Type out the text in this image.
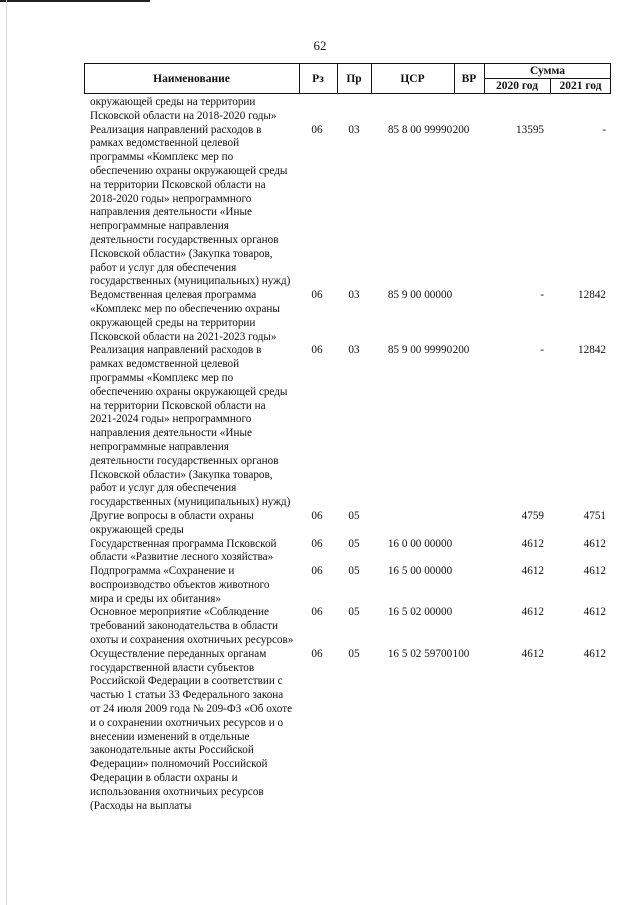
62
Наименование	Рз	Пр	ЦСР	ВР
Сумма
2020 год	2021 год
окружающей среды на территории Псковской области на 2018-2020 годы»
Реализация направлений расходов в рамках ведомственной целевой программы «Комплекс мер по обеспечению охраны окружающей среды на территории Псковской области на 2018-2020 годы» непрограммного направления деятельности «Иные непрограммные направления деятельности государственных органов Псковской области» (Закупка товаров, работ и услуг для обеспечения государственных (муниципальных) нужд)
06	03	85 8 00 99990 200	13595	-
Ведомственная целевая программа «Комплекс мер по обеспечению охраны окружающей среды на территории Псковской области на 2021-2023 годы»
06	03	85 9 00 00000	-	12842
Реализация направлений расходов в рамках ведомственной целевой программы «Комплекс мер по обеспечению охраны окружающей среды на территории Псковской области на 2021-2024 годы» непрограммного направления деятельности «Иные непрограммные направления деятельности государственных органов Псковской области» (Закупка товаров, работ и услуг для обеспечения государственных (муниципальных) нужд)
06	03	85 9 00 99990 200	-	12842
Другие вопросы в области охраны окружающей среды
06	05	4759	4751
Государственная программа Псковской области «Развитие лесного хозяйства»
06	05	16 0 00 00000	4612	4612
Подпрограмма «Сохранение и воспроизводство объектов животного мира и среды их обитания»
06	05	16 5 00 00000	4612	4612
Основное мероприятие «Соблюдение требований законодательства в области охоты и сохранения охотничьих ресурсов»
06	05	16 5 02 00000	4612	4612
Осуществление переданных органам государственной власти субъектов Российской Федерации в соответствии с частью 1 статьи 33 Федерального закона от 24 июля 2009 года № 209-ФЗ «Об охоте и о сохранении охотничьих ресурсов и о внесении изменений в отдельные законодательные акты Российской Федерации» полномочий Российской Федерации в области охраны и использования охотничьих ресурсов (Расходы на выплаты
06	05	16 5 02 59700 100	4612	4612
